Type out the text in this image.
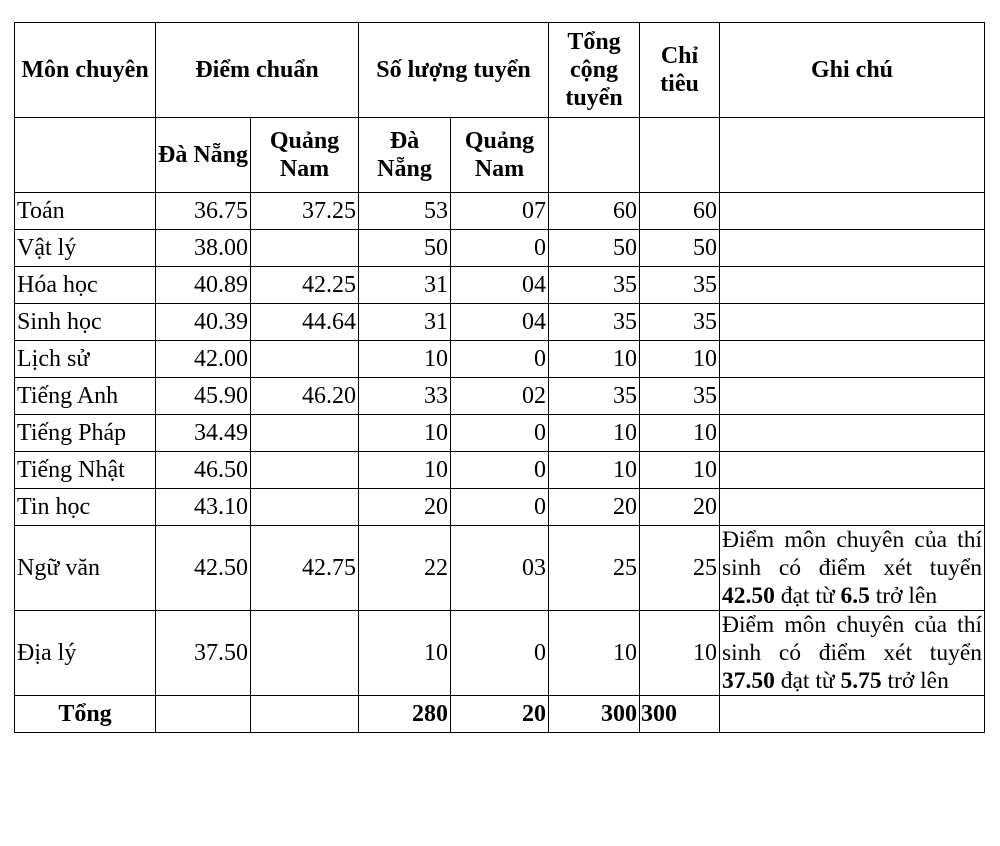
Môn chuyên	Điểm chuẩn		Số lượng tuyển		Tổng cộng tuyển	Chỉ tiêu	Ghi chú
	Đà Nẵng	Quảng Nam	Đà Nẵng	Quảng Nam			
Toán	36.75	37.25	53	07	60	60	
Vật lý	38.00		50	0	50	50	
Hóa học	40.89	42.25	31	04	35	35	
Sinh học	40.39	44.64	31	04	35	35	
Lịch sử	42.00		10	0	10	10	
Tiếng Anh	45.90	46.20	33	02	35	35	
Tiếng Pháp	34.49		10	0	10	10	
Tiếng Nhật	46.50		10	0	10	10	
Tin học	43.10		20	0	20	20	
Ngữ văn	42.50	42.75	22	03	25	25	Điểm môn chuyên của thí sinh có điểm xét tuyển 42.50 đạt từ 6.5 trở lên
Địa lý	37.50		10	0	10	10	Điểm môn chuyên của thí sinh có điểm xét tuyển 37.50 đạt từ 5.75 trở lên
Tổng			280	20	300	300	
